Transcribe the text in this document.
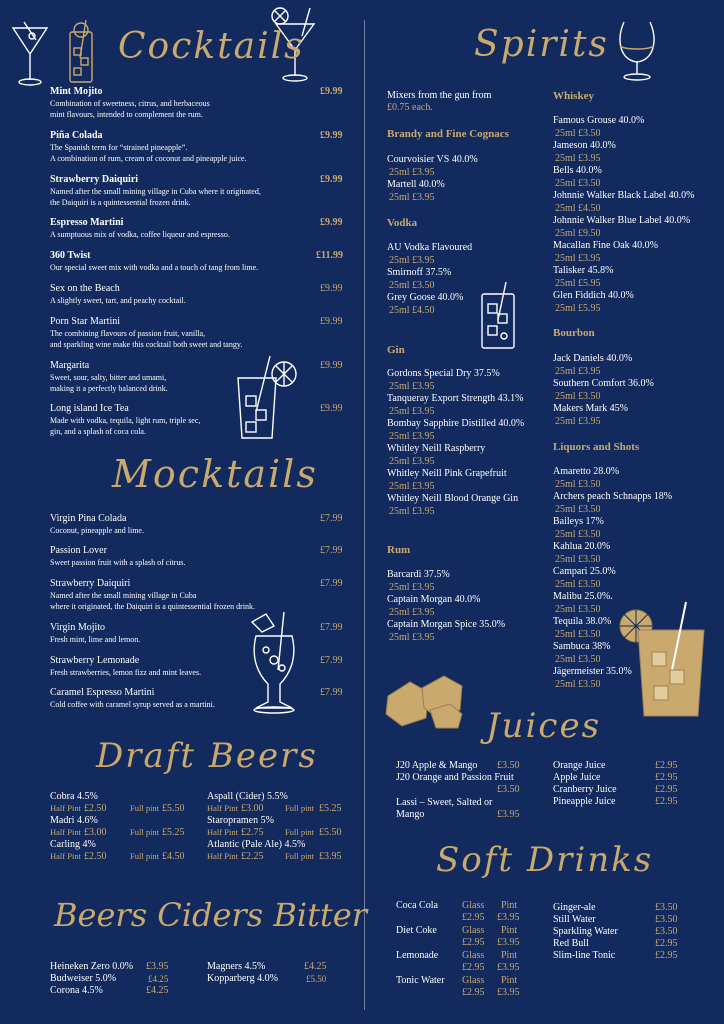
Cocktails
Mocktails
Draft Beers
Beers Ciders Bitter
Spirits
Juices
Soft Drinks
Mint Mojito	£9.99
Combination of sweetness, citrus, and herbaceous
mint flavours, intended to complement the rum.
Piña Colada	£9.99
The Spanish term for “strained pineapple”.
A combination of rum, cream of coconut and pineapple juice.
Strawberry Daiquiri	£9.99
Named after the small mining village in Cuba where it originated,
the Daiquiri is a quintessential frozen drink.
Espresso Martini	£9.99
A sumptuous mix of vodka, coffee liqueur and espresso.
360 Twist	£11.99
Our special sweet mix with vodka and a touch of tang from lime.
Sex on the Beach	£9.99
A slightly sweet, tart, and peachy cocktail.
Porn Star Martini	£9.99
The combining flavours of passion fruit, vanilla,
and sparkling wine make this cocktail both sweet and tangy.
Margarita	£9.99
Sweet, sour, salty, bitter and umami,
making it a perfectly balanced drink.
Long island Ice Tea	£9.99
Made with vodka, tequila, light rum, triple sec,
gin, and a splash of coca cola.
Virgin Pina Colada	£7.99
Coconut, pineapple and lime.
Passion Lover	£7.99
Sweet passion fruit with a splash of citrus.
Strawberry Daiquiri	£7.99
Named after the small mining village in Cuba
where it originated, the Daiquiri is a quintessential frozen drink.
Virgin Mojito	£7.99
Fresh mint, lime and lemon.
Strawberry Lemonade	£7.99
Fresh strawberries, lemon fizz and mint leaves.
Caramel Espresso Martini	£7.99
Cold coffee with caramel syrup served as a martini.
Cobra 4.5%
Half Pint £2.50	Full pint £5.50
Madri 4.6%
Half Pint £3.00	Full pint £5.25
Carling 4%
Half Pint £2.50	Full pint £4.50
Aspall (Cider) 5.5%
Half Pint £3.00	Full pint £5.25
Staropramen 5%
Half Pint £2.75	Full pint £5.50
Atlantic (Pale Ale) 4.5%
Half Pint £2.25	Full pint £3.95
Heineken Zero 0.0% £3.95
Budweiser 5.0%	£4.25
Corona 4.5%	£4.25
Magners 4.5%	£4.25
Kopparberg 4.0%	£5.50
Mixers from the gun from
£0.75 each.
Brandy and Fine Cognacs
Courvoisier VS 40.0%
25ml £3.95
Martell 40.0%
25ml £3.95
Vodka
AU Vodka Flavoured
25ml £3.95
Smirnoff 37.5%
25ml £3.50
Grey Goose 40.0%
25ml £4.50
Gin
Gordons Special Dry 37.5%
25ml £3.95
Tanqueray Export Strength 43.1%
25ml £3.95
Bombay Sapphire Distilled 40.0%
25ml £3.95
Whitley Neill Raspberry
25ml £3.95
Whitley Neill Pink Grapefruit
25ml £3.95
Whitley Neill Blood Orange Gin
25ml £3.95
Rum
Barcardi 37.5%
25ml £3.95
Captain Morgan 40.0%
25ml £3.95
Captain Morgan Spice 35.0%
25ml £3.95
Whiskey
Famous Grouse 40.0%
25ml £3.50
Jameson 40.0%
25ml £3.95
Bells 40.0%
25ml £3.50
Johnnie Walker Black Label 40.0%
25ml £4.50
Johnnie Walker Blue Label 40.0%
25ml £9.50
Macallan Fine Oak 40.0%
25ml £3.95
Talisker 45.8%
25ml £5.95
Glen Fiddich 40.0%
25ml £5.95
Bourbon
Jack Daniels 40.0%
25ml £3.95
Southern Comfort 36.0%
25ml £3.50
Makers Mark 45%
25ml £3.95
Liquors and Shots
Amaretto 28.0%
25ml £3.50
Archers peach Schnapps 18%
25ml £3.50
Baileys 17%
25ml £3.50
Kahlua 20.0%
25ml £3.50
Campari 25.0%
25ml £3.50
Malibu 25.0%.
25ml £3.50
Tequila 38.0%
25ml £3.50
Sambuca 38%
25ml £3.50
Jägermeister 35.0%
25ml £3.50
J20 Apple & Mango £3.50
J20 Orange and Passion Fruit
£3.50
Lassi – Sweet, Salted or
Mango	£3.95
Orange Juice	£2.95
Apple Juice	£2.95
Cranberry Juice	£2.95
Pineapple Juice	£2.95
Coca Cola Glass Pint
£2.95 £3.95
Diet Coke	Glass Pint
£2.95 £3.95
Lemonade Glass Pint
£2.95 £3.95
Tonic Water Glass Pint
£2.95 £3.95
Ginger-ale	£3.50
Still Water	£3.50
Sparkling Water	£3.50
Red Bull	£2.95
Slim-line Tonic	£2.95
